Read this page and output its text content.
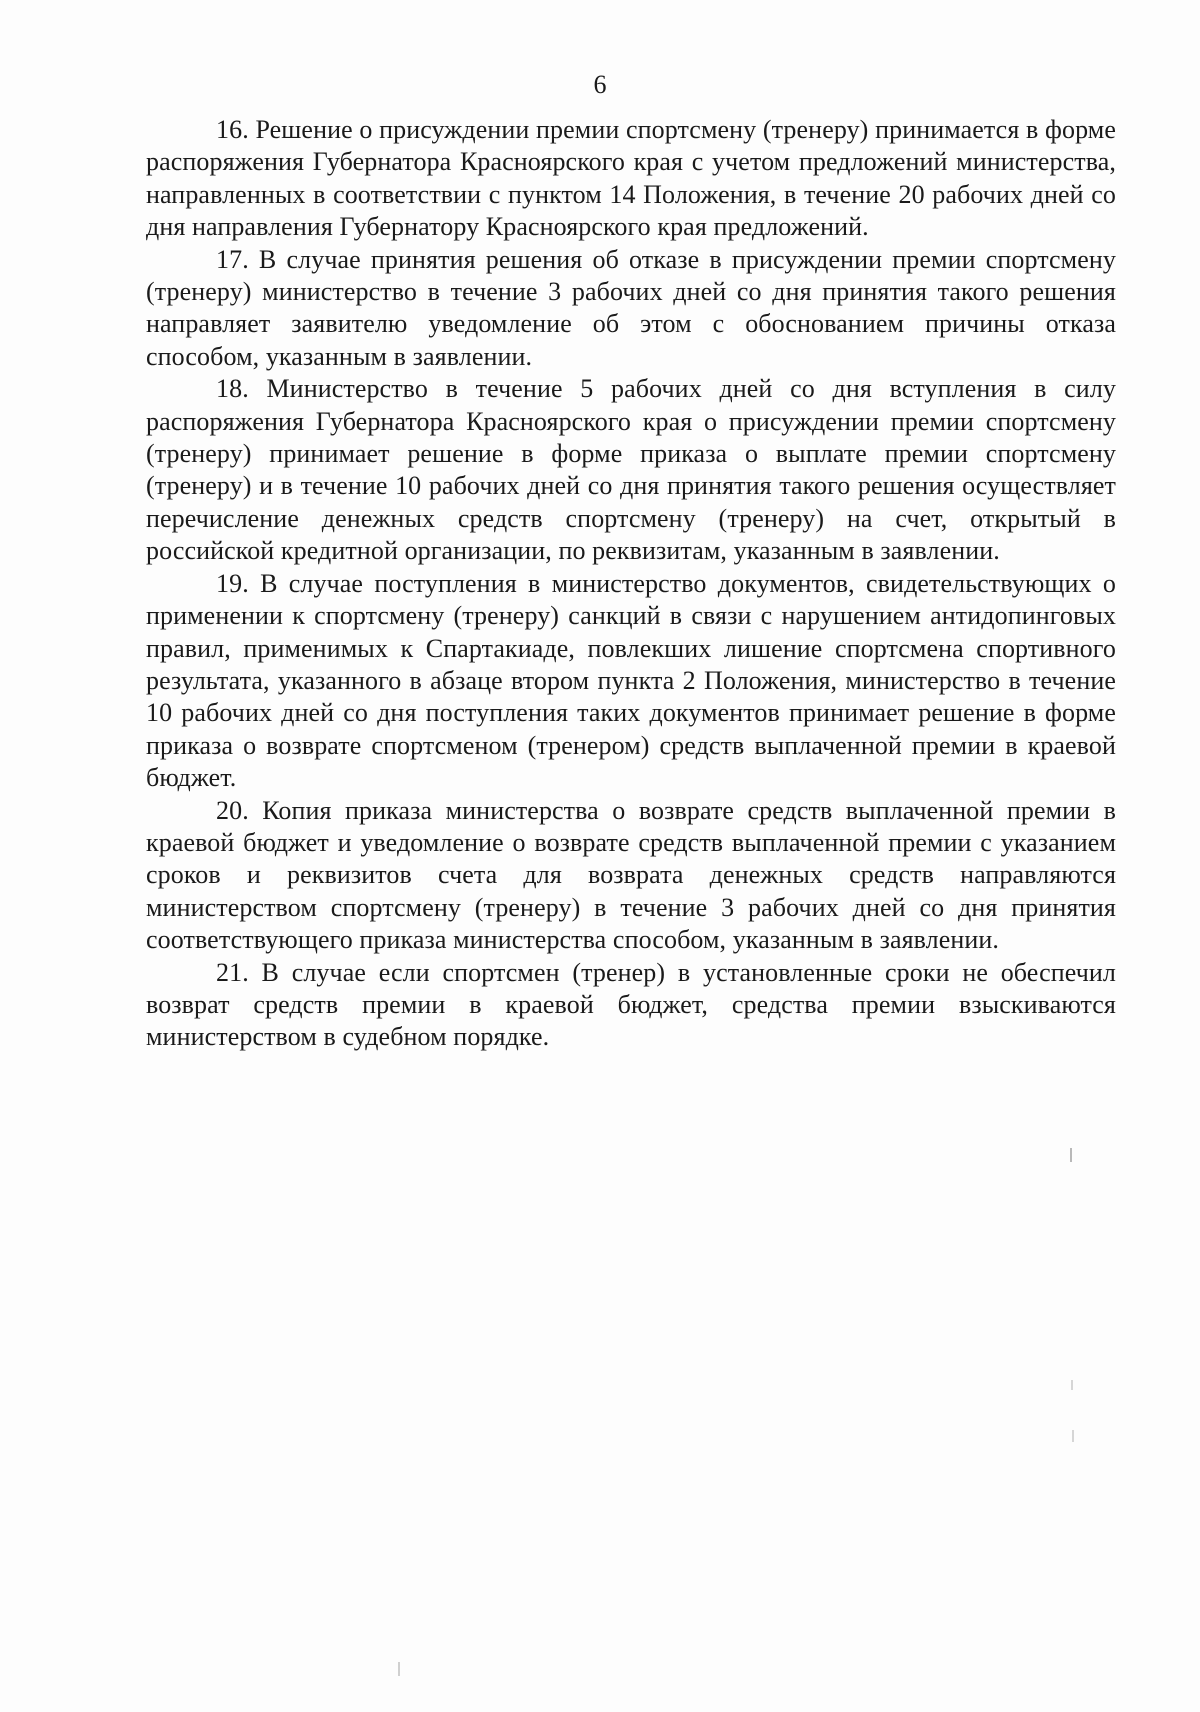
6

16. Решение о присуждении премии спортсмену (тренеру) принимается в форме распоряжения Губернатора Красноярского края с учетом предложений министерства, направленных в соответствии с пунктом 14 Положения, в течение 20 рабочих дней со дня направления Губернатору Красноярского края предложений.

17. В случае принятия решения об отказе в присуждении премии спортсмену (тренеру) министерство в течение 3 рабочих дней со дня принятия такого решения направляет заявителю уведомление об этом с обоснованием причины отказа способом, указанным в заявлении.

18. Министерство в течение 5 рабочих дней со дня вступления в силу распоряжения Губернатора Красноярского края о присуждении премии спортсмену (тренеру) принимает решение в форме приказа о выплате премии спортсмену (тренеру) и в течение 10 рабочих дней со дня принятия такого решения осуществляет перечисление денежных средств спортсмену (тренеру) на счет, открытый в российской кредитной организации, по реквизитам, указанным в заявлении.

19. В случае поступления в министерство документов, свидетельствующих о применении к спортсмену (тренеру) санкций в связи с нарушением антидопинговых правил, применимых к Спартакиаде, повлекших лишение спортсмена спортивного результата, указанного в абзаце втором пункта 2 Положения, министерство в течение 10 рабочих дней со дня поступления таких документов принимает решение в форме приказа о возврате спортсменом (тренером) средств выплаченной премии в краевой бюджет.

20. Копия приказа министерства о возврате средств выплаченной премии в краевой бюджет и уведомление о возврате средств выплаченной премии с указанием сроков и реквизитов счета для возврата денежных средств направляются министерством спортсмену (тренеру) в течение 3 рабочих дней со дня принятия соответствующего приказа министерства способом, указанным в заявлении.

21. В случае если спортсмен (тренер) в установленные сроки не обеспечил возврат средств премии в краевой бюджет, средства премии взыскиваются министерством в судебном порядке.
